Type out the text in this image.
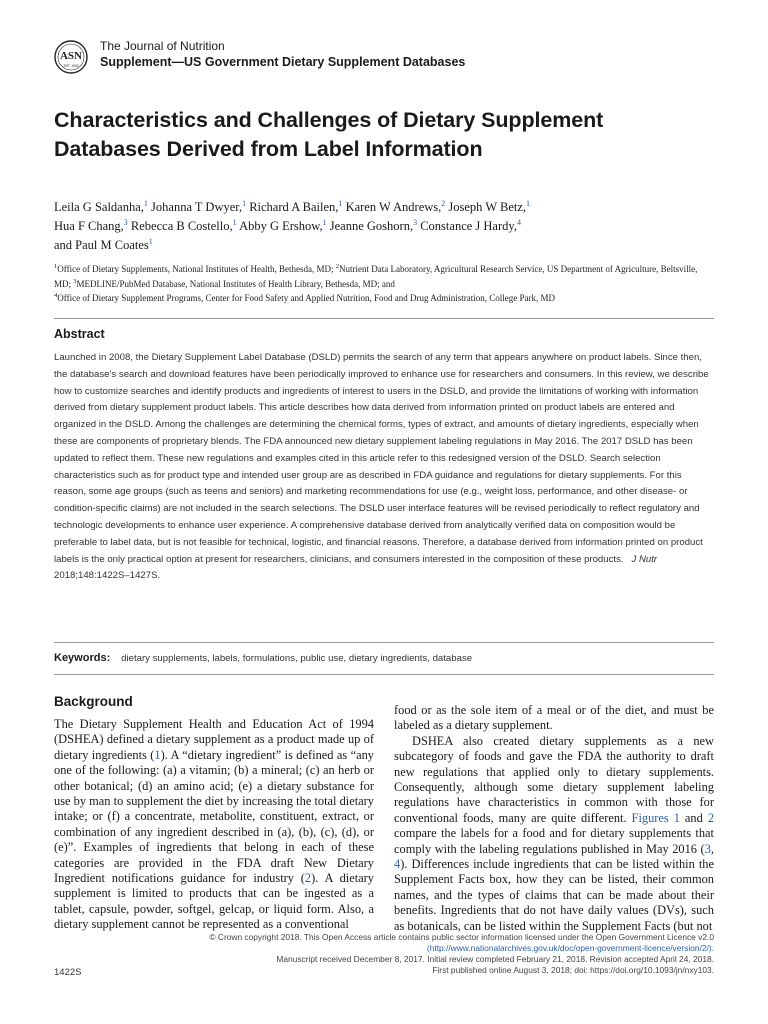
ASN
EST. 1928
The Journal of Nutrition
Supplement—US Government Dietary Supplement Databases
Characteristics and Challenges of Dietary Supplement Databases Derived from Label Information
Leila G Saldanha,$^1$ Johanna T Dwyer,$^1$ Richard A Bailen,$^1$ Karen W Andrews,$^2$ Joseph W Betz,$^1$
Hua F Chang,$^3$ Rebecca B Costello,$^1$ Abby G Ershow,$^1$ Jeanne Goshorn,$^3$ Constance J Hardy,$^4$
and Paul M Coates$^1$
$^1$Office of Dietary Supplements, National Institutes of Health, Bethesda, MD; $^2$Nutrient Data Laboratory, Agricultural Research Service, US Department of Agriculture, Beltsville, MD; $^3$MEDLINE/PubMed Database, National Institutes of Health Library, Bethesda, MD; and
$^4$Office of Dietary Supplement Programs, Center for Food Safety and Applied Nutrition, Food and Drug Administration, College Park, MD
Abstract
Launched in 2008, the Dietary Supplement Label Database (DSLD) permits the search of any term that appears anywhere on product labels. Since then, the database’s search and download features have been periodically improved to enhance use for researchers and consumers. In this review, we describe how to customize searches and identify products and ingredients of interest to users in the DSLD, and provide the limitations of working with information derived from dietary supplement product labels. This article describes how data derived from information printed on product labels are entered and organized in the DSLD. Among the challenges are determining the chemical forms, types of extract, and amounts of dietary ingredients, especially when these are components of proprietary blends. The FDA announced new dietary supplement labeling regulations in May 2016. The 2017 DSLD has been updated to reflect them. These new regulations and examples cited in this article refer to this redesigned version of the DSLD. Search selection characteristics such as for product type and intended user group are as described in FDA guidance and regulations for dietary supplements. For this reason, some age groups (such as teens and seniors) and marketing recommendations for use (e.g., weight loss, performance, and other disease- or condition-specific claims) are not included in the search selections. The DSLD user interface features will be revised periodically to reflect regulatory and technologic developments to enhance user experience. A comprehensive database derived from analytically verified data on composition would be preferable to label data, but is not feasible for technical, logistic, and financial reasons. Therefore, a database derived from information printed on product labels is the only practical option at present for researchers, clinicians, and consumers interested in the composition of these products. J Nutr 2018;148:1422S–1427S.
Keywords: dietary supplements, labels, formulations, public use, dietary ingredients, database
Background

The Dietary Supplement Health and Education Act of 1994 (DSHEA) defined a dietary supplement as a product made up of dietary ingredients (1). A “dietary ingredient” is defined as “any one of the following: (a) a vitamin; (b) a mineral; (c) an herb or other botanical; (d) an amino acid; (e) a dietary substance for use by man to supplement the diet by increasing the total dietary intake; or (f) a concentrate, metabolite, constituent, extract, or combination of any ingredient described in (a), (b), (c), (d), or (e)”. Examples of ingredients that belong in each of these categories are provided in the FDA draft New Dietary Ingredient notifications guidance for industry (2). A dietary supplement is limited to products that can be ingested as a tablet, capsule, powder, softgel, gelcap, or liquid form. Also, a dietary supplement cannot be represented as a conventional

food or as the sole item of a meal or of the diet, and must be labeled as a dietary supplement.

DSHEA also created dietary supplements as a new subcategory of foods and gave the FDA the authority to draft new regulations that applied only to dietary supplements. Consequently, although some dietary supplement labeling regulations have characteristics in common with those for conventional foods, many are quite different. Figures 1 and 2 compare the labels for a food and for dietary supplements that comply with the labeling regulations published in May 2016 (3, 4). Differences include ingredients that can be listed within the Supplement Facts box, how they can be listed, their common names, and the types of claims that can be made about their benefits. Ingredients that do not have daily values (DVs), such as botanicals, can be listed within the Supplement Facts (but not

© Crown copyright 2018. This Open Access article contains public sector information licensed under the Open Government Licence v2.0
(http://www.nationalarchives.gov.uk/doc/open-government-licence/version/2/).
Manuscript received December 8, 2017. Initial review completed February 21, 2018. Revision accepted April 24, 2018.
First published online August 3, 2018; doi: https://doi.org/10.1093/jn/nxy103.
1422S
